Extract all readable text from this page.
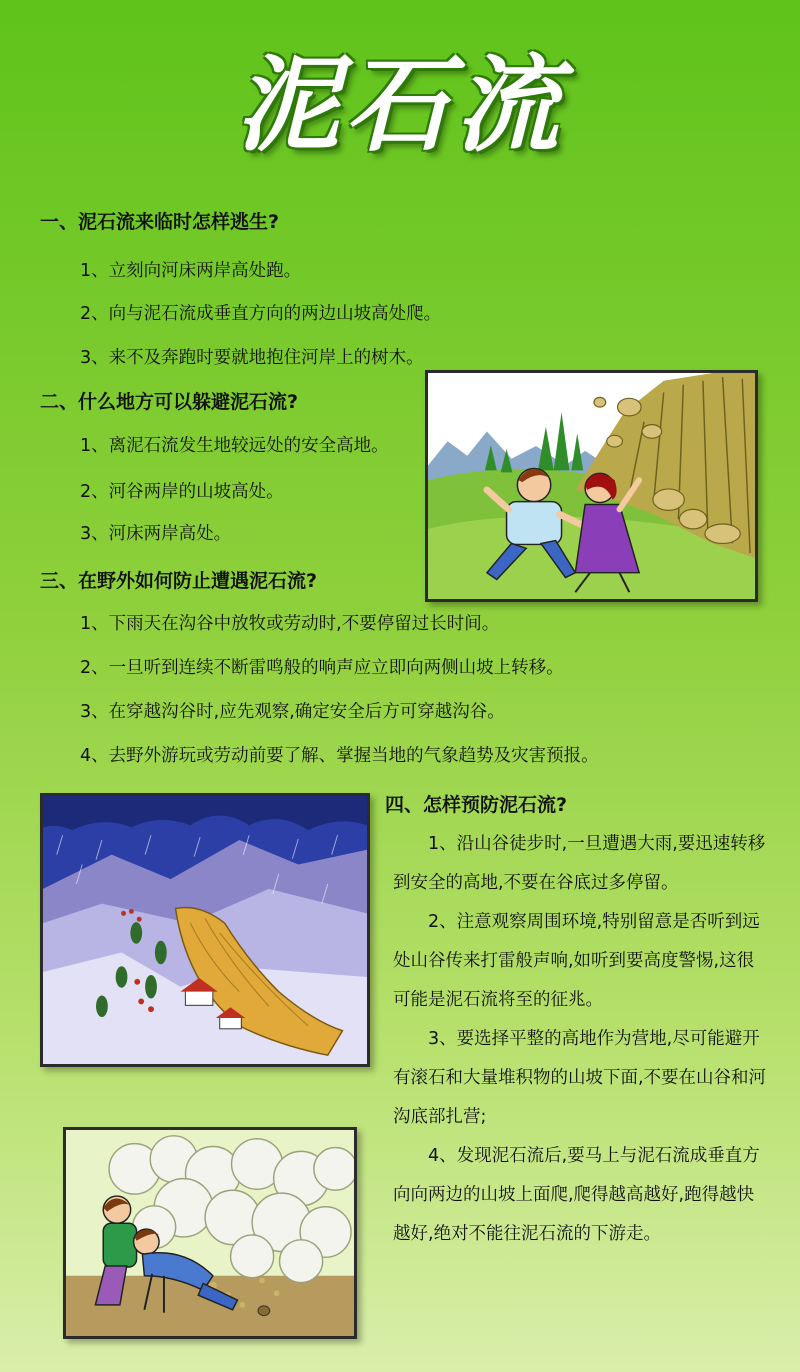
泥石流
一、泥石流来临时怎样逃生?
1、立刻向河床两岸高处跑。
2、向与泥石流成垂直方向的两边山坡高处爬。
3、来不及奔跑时要就地抱住河岸上的树木。
二、什么地方可以躲避泥石流?
1、离泥石流发生地较远处的安全高地。
2、河谷两岸的山坡高处。
3、河床两岸高处。
三、在野外如何防止遭遇泥石流?
1、下雨天在沟谷中放牧或劳动时,不要停留过长时间。
2、一旦听到连续不断雷鸣般的响声应立即向两侧山坡上转移。
3、在穿越沟谷时,应先观察,确定安全后方可穿越沟谷。
4、去野外游玩或劳动前要了解、掌握当地的气象趋势及灾害预报。
四、怎样预防泥石流?

1、沿山谷徒步时,一旦遭遇大雨,要迅速转移到安全的高地,不要在谷底过多停留。

2、注意观察周围环境,特别留意是否听到远处山谷传来打雷般声响,如听到要高度警惕,这很可能是泥石流将至的征兆。

3、要选择平整的高地作为营地,尽可能避开有滚石和大量堆积物的山坡下面,不要在山谷和河沟底部扎营;

4、发现泥石流后,要马上与泥石流成垂直方向向两边的山坡上面爬,爬得越高越好,跑得越快越好,绝对不能往泥石流的下游走。
